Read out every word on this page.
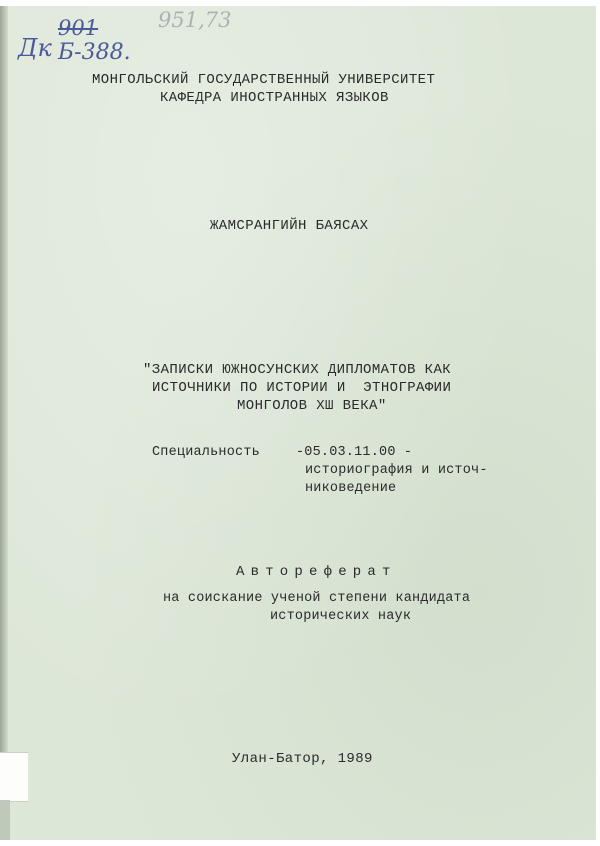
Дк
901
Б-388.
951,73
МОНГОЛЬСКИЙ ГОСУДАРСТВЕННЫЙ УНИВЕРСИТЕТ
КАФЕДРА ИНОСТРАННЫХ ЯЗЫКОВ
ЖАМСРАНГИЙН БАЯСАХ
"ЗАПИСКИ ЮЖНОСУНСКИХ ДИПЛОМАТОВ КАК
ИСТОЧНИКИ ПО ИСТОРИИ И  ЭТНОГРАФИИ
МОНГОЛОВ ХШ ВЕКА"
Специальность	-05.03.11.00 -
историография и источ-
никоведение
Автореферат
на соискание ученой степени кандидата
исторических наук
Улан-Батор, 1989
